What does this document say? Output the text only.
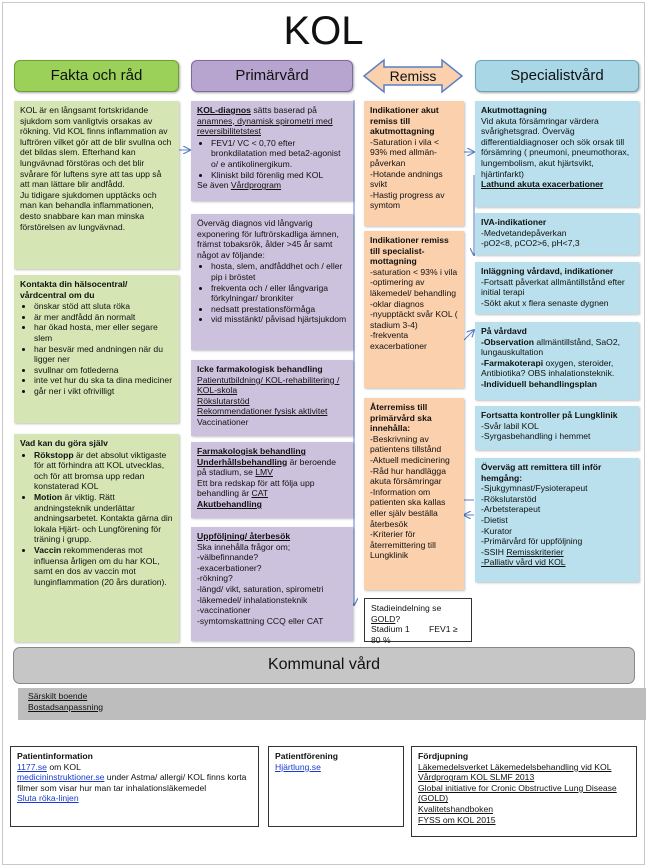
KOL
Fakta och råd	Primärvård	Remiss	Specialistvård
KOL är en långsamt fortskridande sjukdom som vanligtvis orsakas av rökning. Vid KOL finns inflammation av luftrören vilket gör att de blir svullna och det bildas slem. Efterhand kan lungvävnad förstöras och det blir svårare för luftens syre att tas upp så att man lättare blir andfådd.
Ju tidigare sjukdomen upptäcks och man kan behandla inflammationen, desto snabbare kan man minska förstörelsen av lungvävnad.
Kontakta din hälsocentral/ vårdcentral om du
• önskar stöd att sluta röka
• är mer andfådd än normalt
• har ökad hosta, mer eller segare slem
• har besvär med andningen när du ligger ner
• svullnar om fotlederna
• inte vet hur du ska ta dina mediciner
• går ner i vikt ofrivilligt
Vad kan du göra själv
• Rökstopp är det absolut viktigaste för att förhindra att KOL utvecklas, och för att bromsa upp redan konstaterad KOL
• Motion är viktig. Rätt andningsteknik underlättar andningsarbetet. Kontakta gärna din lokala Hjärt- och Lungförening för träning i grupp.
• Vaccin rekommenderas mot influensa årligen om du har KOL, samt en dos av vaccin mot lunginflammation (20 års duration).
KOL-diagnos sätts baserad på anamnes, dynamisk spirometri med reversibilitetstest
• FEV1/ VC < 0,70 efter bronkdilatation med beta2-agonist o/ e antikolinergikum.
• Kliniskt bild förenlig med KOL
Se även Vårdprogram
Överväg diagnos vid långvarig exponering för luftrörskadliga ämnen, främst tobaksrök, ålder >45 år samt något av följande:
• hosta, slem, andfåddhet och / eller pip i bröstet
• frekventa och / eller långvariga förkylningar/ bronkiter
• nedsatt prestationsförmåga
• vid misstänkt/ påvisad hjärtsjukdom
Icke farmakologisk behandling
Patientutbildning/ KOL-rehabilitering / KOL-skola
Rökslutarstöd
Rekommendationer fysisk aktivitet
Vaccinationer
Farmakologisk behandling
Underhållsbehandling är beroende på stadium, se LMV
Ett bra redskap för att följa upp behandling är CAT
Akutbehandling
Uppföljning/ återbesök
Ska innehålla frågor om;
-välbefinnande?
-exacerbationer?
-rökning?
-längd/ vikt, saturation, spirometri
-läkemedel/ inhalationsteknik
-vaccinationer
-symtomskattning CCQ eller CAT
Indikationer akut remiss till akutmottagning
-Saturation i vila < 93% med allmän-påverkan
-Hotande andnings svikt
-Hastig progress av symtom
Indikationer remiss till specialist-mottagning
-saturation < 93% i vila
-optimering av läkemedel/ behandling
-oklar diagnos
-nyupptäckt svår KOL ( stadium 3-4)
-frekventa exacerbationer
Återremiss till primärvård ska innehålla:
-Beskrivning av patientens tillstånd
-Aktuell medicinering
-Råd hur handlägga akuta försämringar
-Information om patienten ska kallas eller själv beställa återbesök
-Kriterier för återremittering till Lungklinik
Stadieindelning se GOLD?
Stadium 1 FEV1 ≥ 80 %
Akutmottagning
Vid akuta försämringar värdera svårighetsgrad. Överväg differentialdiagnoser och sök orsak till försämring ( pneumoni, pneumothorax, lungembolism, akut hjärtsvikt, hjärtinfarkt)
Lathund akuta exacerbationer
IVA-indikationer
-Medvetandepåverkan
-pO2<8, pCO2>6, pH<7,3
Inläggning vårdavd, indikationer
-Fortsatt påverkat allmäntillstånd efter initial terapi
-Sökt akut x flera senaste dygnen
På vårdavd
-Observation allmäntillstånd, SaO2, lungauskultation
-Farmakoterapi oxygen, steroider, Antibiotika? OBS inhalationsteknik.
-Individuell behandlingsplan
Fortsatta kontroller på Lungklinik
-Svår labil KOL
-Syrgasbehandling i hemmet
Överväg att remittera till inför hemgång:
-Sjukgymnast/Fysioterapeut
-Rökslutarstöd
-Arbetsterapeut
-Dietist
-Kurator
-Primärvård för uppföljning
-SSIH Remisskriterier
-Palliativ vård vid KOL
Kommunal vård
Särskilt boende
Bostadsanpassning
Patientinformation
1177.se om KOL
medicininstruktioner.se under Astma/ allergi/ KOL finns korta filmer som visar hur man tar inhalationsläkemedel
Sluta röka-linjen
Patientförening
Hjärtlung.se
Fördjupning
Läkemedelsverket Läkemedelsbehandling vid KOL
Vårdprogram KOL SLMF 2013
Global initiative for Cronic Obstructive Lung Disease (GOLD)
Kvalitetshandboken
FYSS om KOL 2015
